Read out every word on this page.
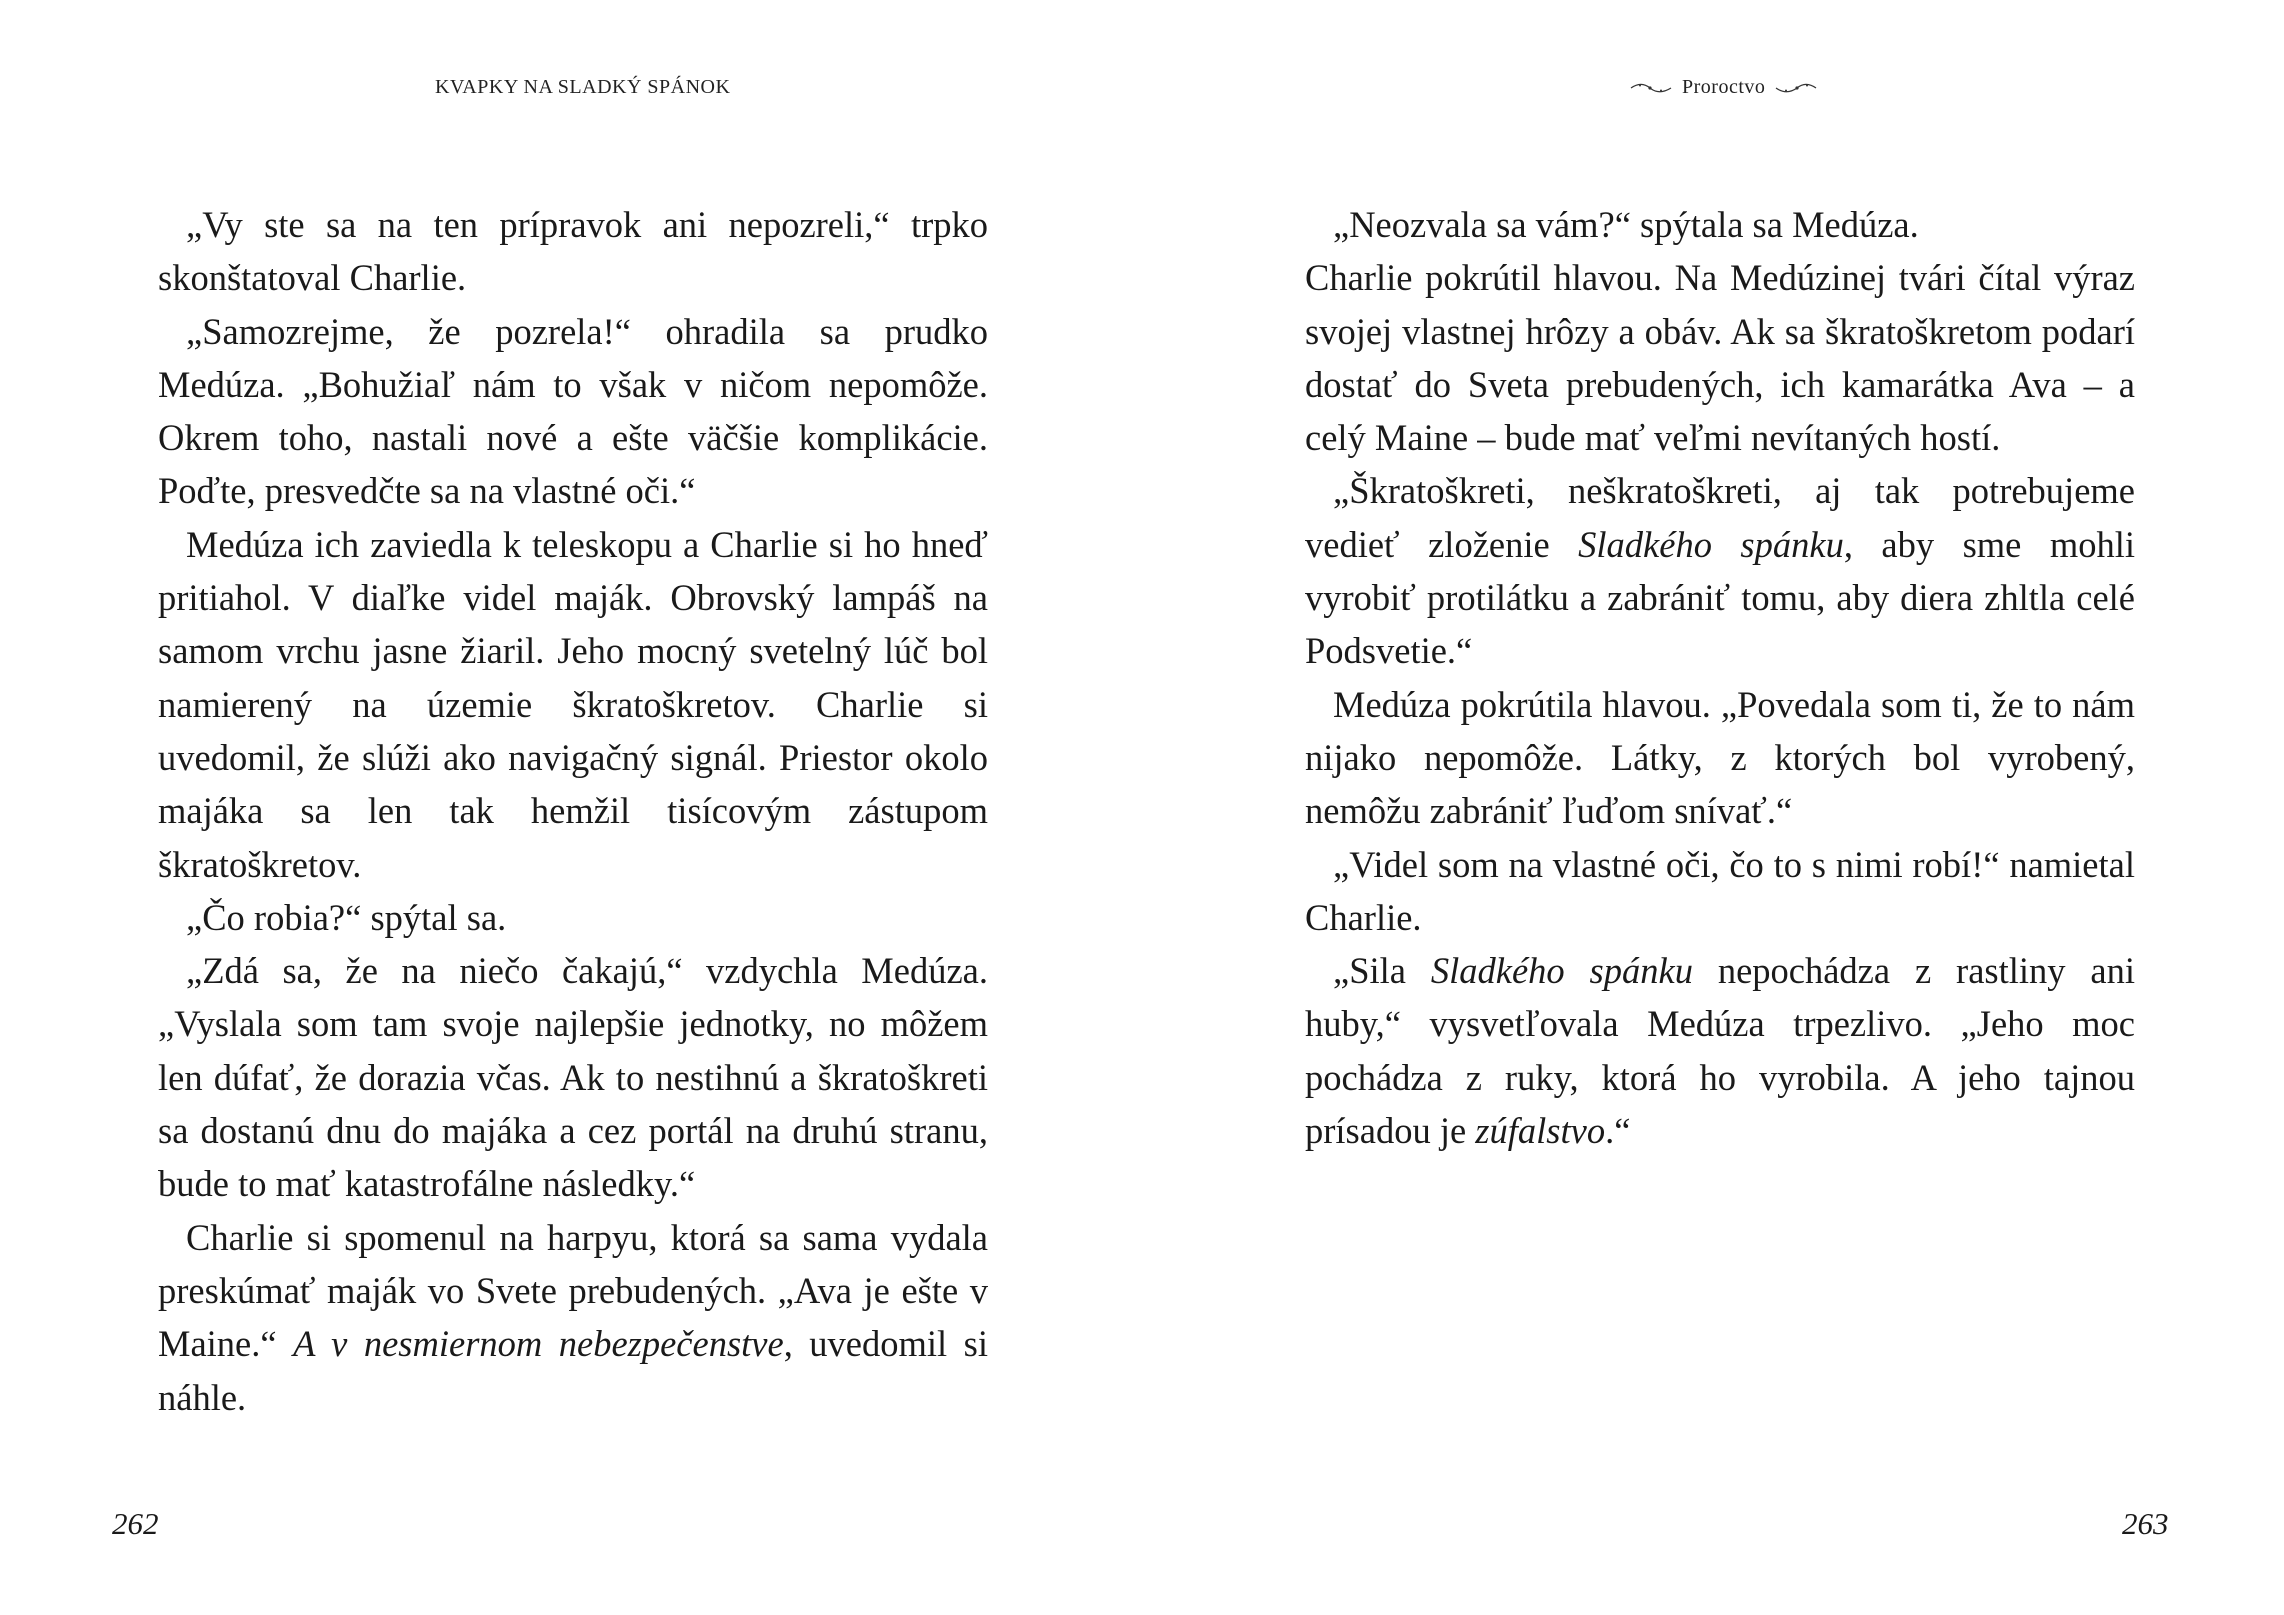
KVAPKY NA SLADKÝ SPÁNOK

„Vy ste sa na ten prípravok ani nepozreli,“ trpko skonštatoval Charlie.

„Samozrejme, že pozrela!“ ohradila sa prudko Medúza. „Bohužiaľ nám to však v ničom nepomôže. Okrem toho, nastali nové a ešte väčšie komplikácie. Poďte, presvedčte sa na vlastné oči.“

Medúza ich zaviedla k teleskopu a Charlie si ho hneď pritiahol. V diaľke videl maják. Obrovský lampáš na samom vrchu jasne žiaril. Jeho mocný svetelný lúč bol namierený na územie škratoškretov. Charlie si uvedomil, že slúži ako navigačný signál. Priestor okolo majáka sa len tak hemžil tisícovým zástupom škratoškretov.

„Čo robia?“ spýtal sa.

„Zdá sa, že na niečo čakajú,“ vzdychla Medúza. „Vyslala som tam svoje najlepšie jednotky, no môžem len dúfať, že dorazia včas. Ak to nestihnú a škratoškreti sa dostanú dnu do majáka a cez portál na druhú stranu, bude to mať katastrofálne následky.“

Charlie si spomenul na harpyu, ktorá sa sama vydala preskúmať maják vo Svete prebudených. „Ava je ešte v Maine.“ A v nesmiernom nebezpečenstve, uvedomil si náhle.

262
Proroctvo

„Neozvala sa vám?“ spýtala sa Medúza.

Charlie pokrútil hlavou. Na Medúzinej tvári čítal výraz svojej vlastnej hrôzy a obáv. Ak sa škratoškretom podarí dostať do Sveta prebudených, ich kamarátka Ava – a celý Maine – bude mať veľmi nevítaných hostí.

„Škratoškreti, neškratoškreti, aj tak potrebujeme vedieť zloženie Sladkého spánku, aby sme mohli vyrobiť protilátku a zabrániť tomu, aby diera zhltla celé Podsvetie.“

Medúza pokrútila hlavou. „Povedala som ti, že to nám nijako nepomôže. Látky, z ktorých bol vyrobený, nemôžu zabrániť ľuďom snívať.“

„Videl som na vlastné oči, čo to s nimi robí!“ namietal Charlie.

„Sila Sladkého spánku nepochádza z rastliny ani huby,“ vysvetľovala Medúza trpezlivo. „Jeho moc pochádza z ruky, ktorá ho vyrobila. A jeho tajnou prísadou je zúfalstvo.“

263
